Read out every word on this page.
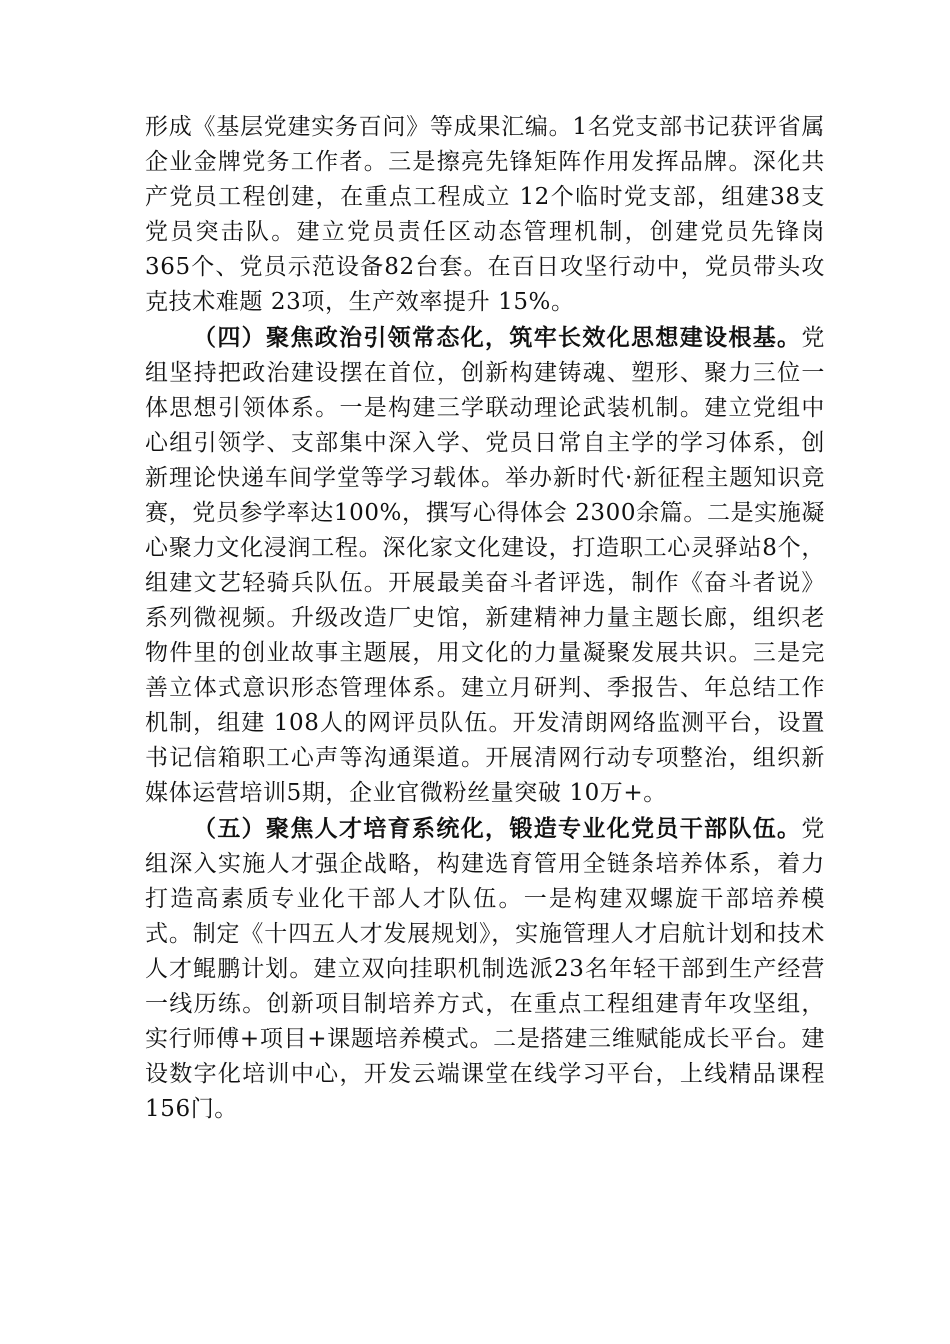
形成《基层党建实务百问》等成果汇编。1名党支部书记获评省属企业金牌党务工作者。三是擦亮先锋矩阵作用发挥品牌。深化共产党员工程创建，在重点工程成立 12个临时党支部，组建38支党员突击队。建立党员责任区动态管理机制，创建党员先锋岗365个、党员示范设备82台套。在百日攻坚行动中，党员带头攻克技术难题 23项，生产效率提升 15%。

（四）聚焦政治引领常态化，筑牢长效化思想建设根基。党组坚持把政治建设摆在首位，创新构建铸魂、塑形、聚力三位一体思想引领体系。一是构建三学联动理论武装机制。建立党组中心组引领学、支部集中深入学、党员日常自主学的学习体系，创新理论快递车间学堂等学习载体。举办新时代·新征程主题知识竞赛，党员参学率达100%，撰写心得体会 2300余篇。二是实施凝心聚力文化浸润工程。深化家文化建设，打造职工心灵驿站8个，组建文艺轻骑兵队伍。开展最美奋斗者评选，制作《奋斗者说》系列微视频。升级改造厂史馆，新建精神力量主题长廊，组织老物件里的创业故事主题展，用文化的力量凝聚发展共识。三是完善立体式意识形态管理体系。建立月研判、季报告、年总结工作机制，组建 108人的网评员队伍。开发清朗网络监测平台，设置书记信箱职工心声等沟通渠道。开展清网行动专项整治，组织新媒体运营培训5期，企业官微粉丝量突破 10万+。

（五）聚焦人才培育系统化，锻造专业化党员干部队伍。党组深入实施人才强企战略，构建选育管用全链条培养体系，着力打造高素质专业化干部人才队伍。一是构建双螺旋干部培养模式。制定《十四五人才发展规划》，实施管理人才启航计划和技术人才鲲鹏计划。建立双向挂职机制选派23名年轻干部到生产经营一线历练。创新项目制培养方式，在重点工程组建青年攻坚组，实行师傅+项目+课题培养模式。二是搭建三维赋能成长平台。建设数字化培训中心，开发云端课堂在线学习平台，上线精品课程 156门。
